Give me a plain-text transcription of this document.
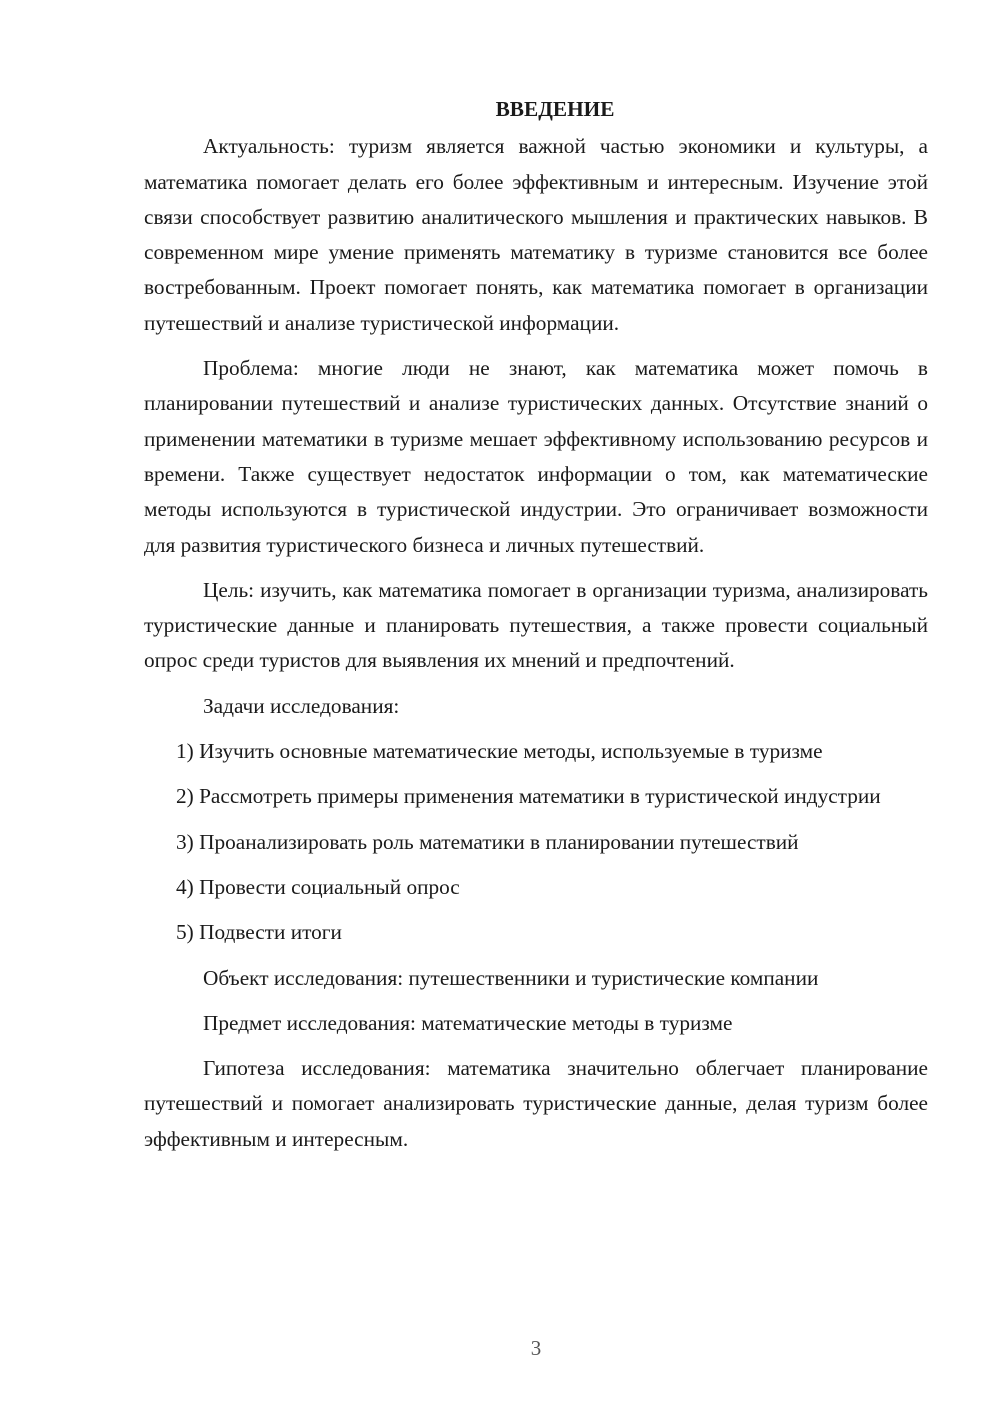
ВВЕДЕНИЕ

Актуальность: туризм является важной частью экономики и культуры, а математика помогает делать его более эффективным и интересным. Изучение этой связи способствует развитию аналитического мышления и практических навыков. В современном мире умение применять математику в туризме становится все более востребованным. Проект помогает понять, как математика помогает в организации путешествий и анализе туристической информации.

Проблема: многие люди не знают, как математика может помочь в планировании путешествий и анализе туристических данных. Отсутствие знаний о применении математики в туризме мешает эффективному использованию ресурсов и времени. Также существует недостаток информации о том, как математические методы используются в туристической индустрии. Это ограничивает возможности для развития туристического бизнеса и личных путешествий.

Цель: изучить, как математика помогает в организации туризма, анализировать туристические данные и планировать путешествия, а также провести социальный опрос среди туристов для выявления их мнений и предпочтений.

Задачи исследования:

1) Изучить основные математические методы, используемые в туризме

2) Рассмотреть примеры применения математики в туристической индустрии

3) Проанализировать роль математики в планировании путешествий

4) Провести социальный опрос

5) Подвести итоги

Объект исследования: путешественники и туристические компании

Предмет исследования: математические методы в туризме

Гипотеза исследования: математика значительно облегчает планирование путешествий и помогает анализировать туристические данные, делая туризм более эффективным и интересным.

3
